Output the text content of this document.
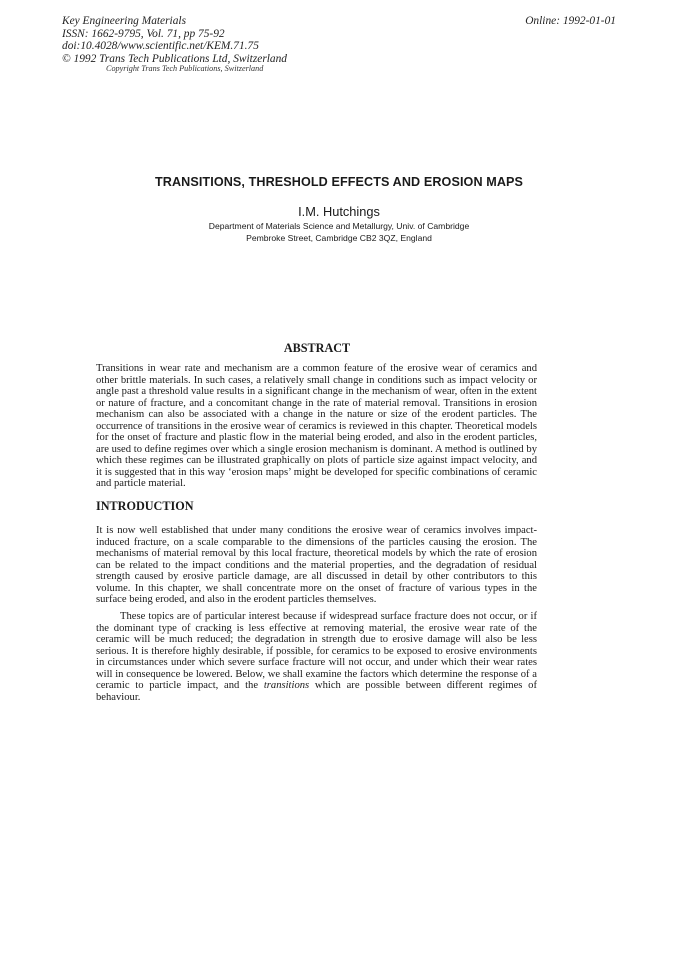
Key Engineering Materials
ISSN: 1662-9795, Vol. 71, pp 75-92
doi:10.4028/www.scientific.net/KEM.71.75
© 1992 Trans Tech Publications Ltd, Switzerland
Online: 1992-01-01
Copyright Trans Tech Publications, Switzerland
TRANSITIONS, THRESHOLD EFFECTS AND EROSION MAPS
I.M. Hutchings
Department of Materials Science and Metallurgy, Univ. of Cambridge
Pembroke Street, Cambridge CB2 3QZ, England
ABSTRACT
Transitions in wear rate and mechanism are a common feature of the erosive wear of ceramics and other brittle materials. In such cases, a relatively small change in conditions such as impact velocity or angle past a threshold value results in a significant change in the mechanism of wear, often in the extent or nature of fracture, and a concomitant change in the rate of material removal. Transitions in erosion mechanism can also be associated with a change in the nature or size of the erodent particles. The occurrence of transitions in the erosive wear of ceramics is reviewed in this chapter. Theoretical models for the onset of fracture and plastic flow in the material being eroded, and also in the erodent particles, are used to define regimes over which a single erosion mechanism is dominant. A method is outlined by which these regimes can be illustrated graphically on plots of particle size against impact velocity, and it is suggested that in this way ‘erosion maps’ might be developed for specific combinations of ceramic and particle material.
INTRODUCTION
It is now well established that under many conditions the erosive wear of ceramics involves impact-induced fracture, on a scale comparable to the dimensions of the particles causing the erosion. The mechanisms of material removal by this local fracture, theoretical models by which the rate of erosion can be related to the impact conditions and the material properties, and the degradation of residual strength caused by erosive particle damage, are all discussed in detail by other contributors to this volume. In this chapter, we shall concentrate more on the onset of fracture of various types in the surface being eroded, and also in the erodent particles themselves.
These topics are of particular interest because if widespread surface fracture does not occur, or if the dominant type of cracking is less effective at removing material, the erosive wear rate of the ceramic will be much reduced; the degradation in strength due to erosive damage will also be less serious. It is therefore highly desirable, if possible, for ceramics to be exposed to erosive environments in circumstances under which severe surface fracture will not occur, and under which their wear rates will in consequence be lowered. Below, we shall examine the factors which determine the response of a ceramic to particle impact, and the transitions which are possible between different regimes of behaviour.
